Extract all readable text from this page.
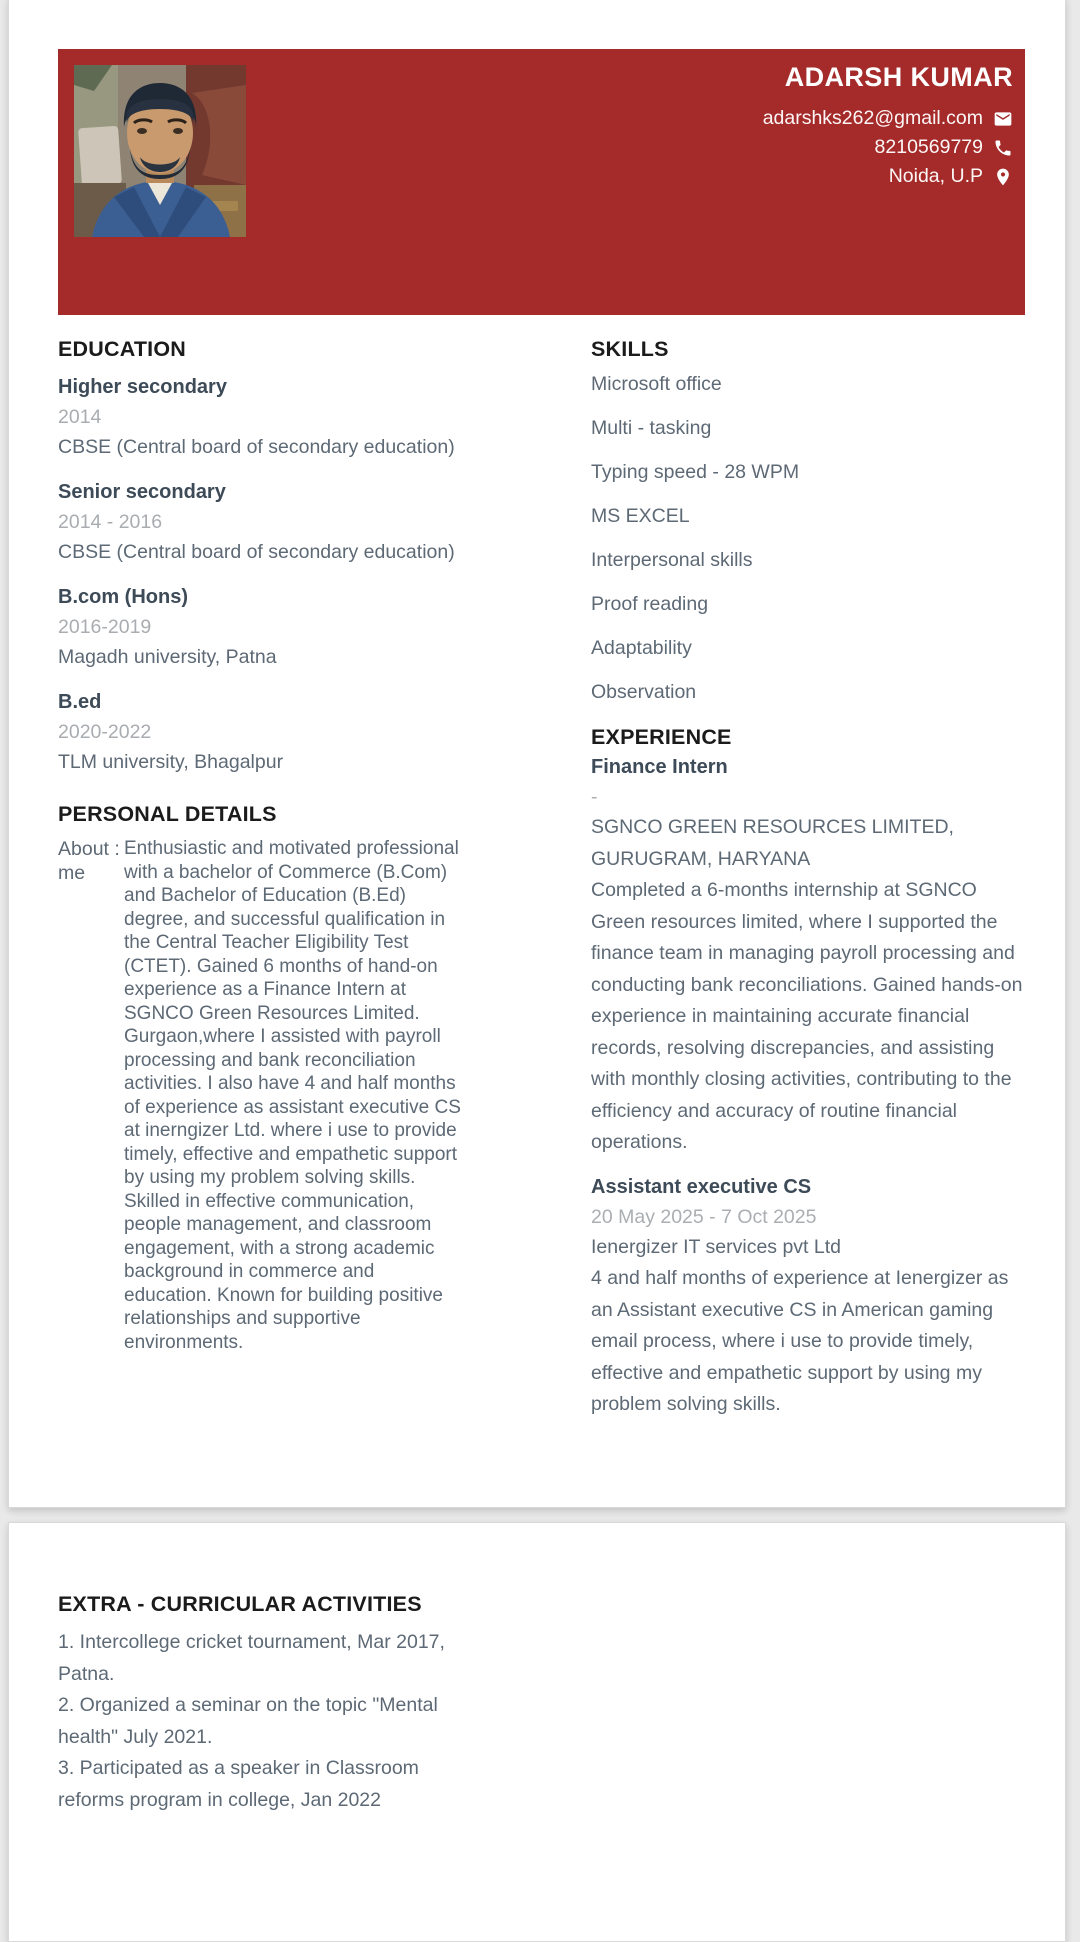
ADARSH KUMAR
adarshks262@gmail.com
8210569779
Noida, U.P
EDUCATION
Higher secondary
2014
CBSE (Central board of secondary education)
Senior secondary
2014 - 2016
CBSE (Central board of secondary education)
B.com (Hons)
2016-2019
Magadh university, Patna
B.ed
2020-2022
TLM university, Bhagalpur
PERSONAL DETAILS
About :
me
Enthusiastic and motivated professional with a bachelor of Commerce (B.Com) and Bachelor of Education (B.Ed) degree, and successful qualification in the Central Teacher Eligibility Test (CTET). Gained 6 months of hand-on experience as a Finance Intern at SGNCO Green Resources Limited. Gurgaon,where I assisted with payroll processing and bank reconciliation activities. I also have 4 and half months of experience as assistant executive CS at inerngizer Ltd. where i use to provide timely, effective and empathetic support by using my problem solving skills. Skilled in effective communication, people management, and classroom engagement, with a strong academic background in commerce and education. Known for building positive relationships and supportive environments.
SKILLS
Microsoft office
Multi - tasking
Typing speed - 28 WPM
MS EXCEL
Interpersonal skills
Proof reading
Adaptability
Observation
EXPERIENCE
Finance Intern
-
SGNCO GREEN RESOURCES LIMITED,
GURUGRAM, HARYANA
Completed a 6-months internship at SGNCO Green resources limited, where I supported the finance team in managing payroll processing and conducting bank reconciliations. Gained hands-on experience in maintaining accurate financial records, resolving discrepancies, and assisting with monthly closing activities, contributing to the efficiency and accuracy of routine financial operations.
Assistant executive CS
20 May 2025 - 7 Oct 2025
Ienergizer IT services pvt Ltd
4 and half months of experience at Ienergizer as an Assistant executive CS in American gaming email process, where i use to provide timely, effective and empathetic support by using my problem solving skills.
EXTRA - CURRICULAR ACTIVITIES
1. Intercollege cricket tournament, Mar 2017, Patna.
2. Organized a seminar on the topic "Mental health" July 2021.
3. Participated as a speaker in Classroom reforms program in college, Jan 2022
